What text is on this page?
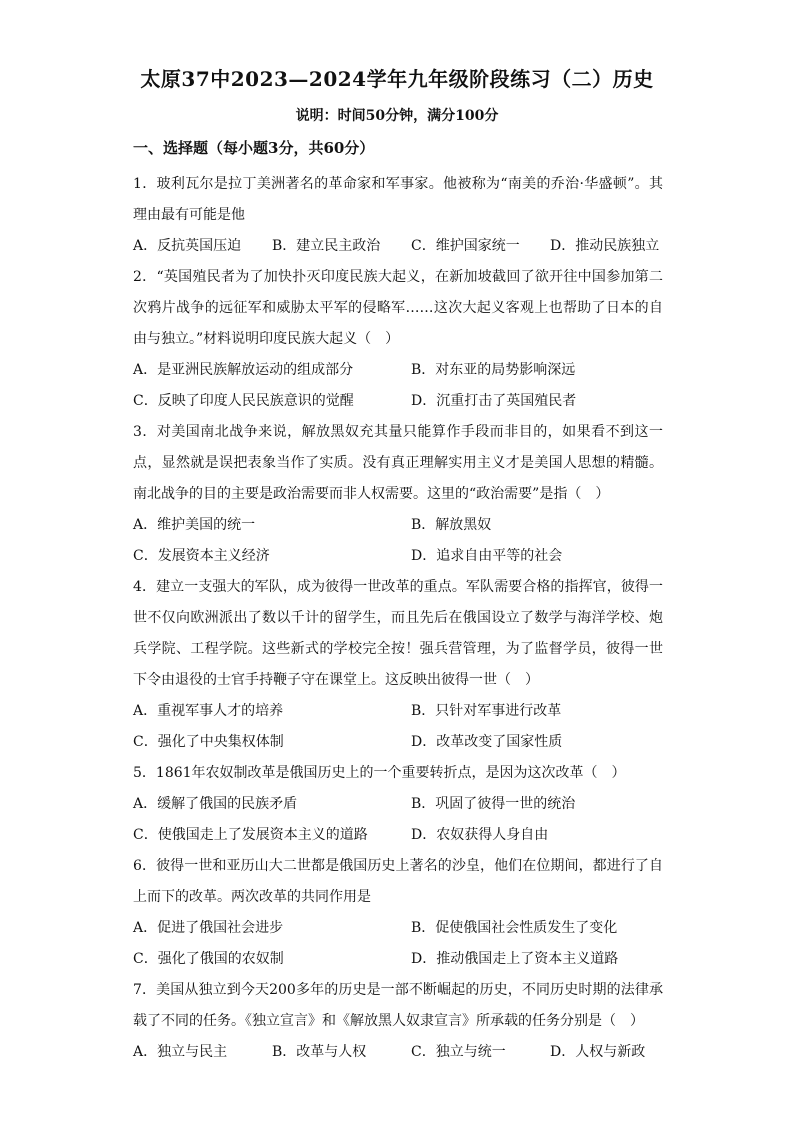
太原37中2023—2024学年九年级阶段练习（二）历史
说明：时间50分钟，满分100分
一、选择题（每小题3分，共60分）

1．玻利瓦尔是拉丁美洲著名的革命家和军事家。他被称为“南美的乔治·华盛顿”。其理由最有可能是他

A．反抗英国压迫	B．建立民主政治	C．维护国家统一	D．推动民族独立

2．“英国殖民者为了加快扑灭印度民族大起义，在新加坡截回了欲开往中国参加第二次鸦片战争的远征军和威胁太平军的侵略军……这次大起义客观上也帮助了日本的自由与独立。”材料说明印度民族大起义（　）

A．是亚洲民族解放运动的组成部分	B．对东亚的局势影响深远
C．反映了印度人民民族意识的觉醒	D．沉重打击了英国殖民者

3．对美国南北战争来说，解放黑奴充其量只能算作手段而非目的，如果看不到这一点，显然就是误把表象当作了实质。没有真正理解实用主义才是美国人思想的精髓。南北战争的目的主要是政治需要而非人权需要。这里的“政治需要”是指（　）

A．维护美国的统一	B．解放黑奴
C．发展资本主义经济	D．追求自由平等的社会

4．建立一支强大的军队，成为彼得一世改革的重点。军队需要合格的指挥官，彼得一世不仅向欧洲派出了数以千计的留学生，而且先后在俄国设立了数学与海洋学校、炮兵学院、工程学院。这些新式的学校完全按！强兵营管理，为了监督学员，彼得一世下令由退役的士官手持鞭子守在课堂上。这反映出彼得一世（　）

A．重视军事人才的培养	B．只针对军事进行改革
C．强化了中央集权体制	D．改革改变了国家性质

5．1861年农奴制改革是俄国历史上的一个重要转折点，是因为这次改革（　）

A．缓解了俄国的民族矛盾	B．巩固了彼得一世的统治
C．使俄国走上了发展资本主义的道路	D．农奴获得人身自由

6．彼得一世和亚历山大二世都是俄国历史上著名的沙皇，他们在位期间，都进行了自上而下的改革。两次改革的共同作用是

A．促进了俄国社会进步	B．促使俄国社会性质发生了变化
C．强化了俄国的农奴制	D．推动俄国走上了资本主义道路

7．美国从独立到今天200多年的历史是一部不断崛起的历史，不同历史时期的法律承载了不同的任务。《独立宣言》和《解放黑人奴隶宣言》所承载的任务分别是（　）

A．独立与民主	B．改革与人权	C．独立与统一	D．人权与新政
